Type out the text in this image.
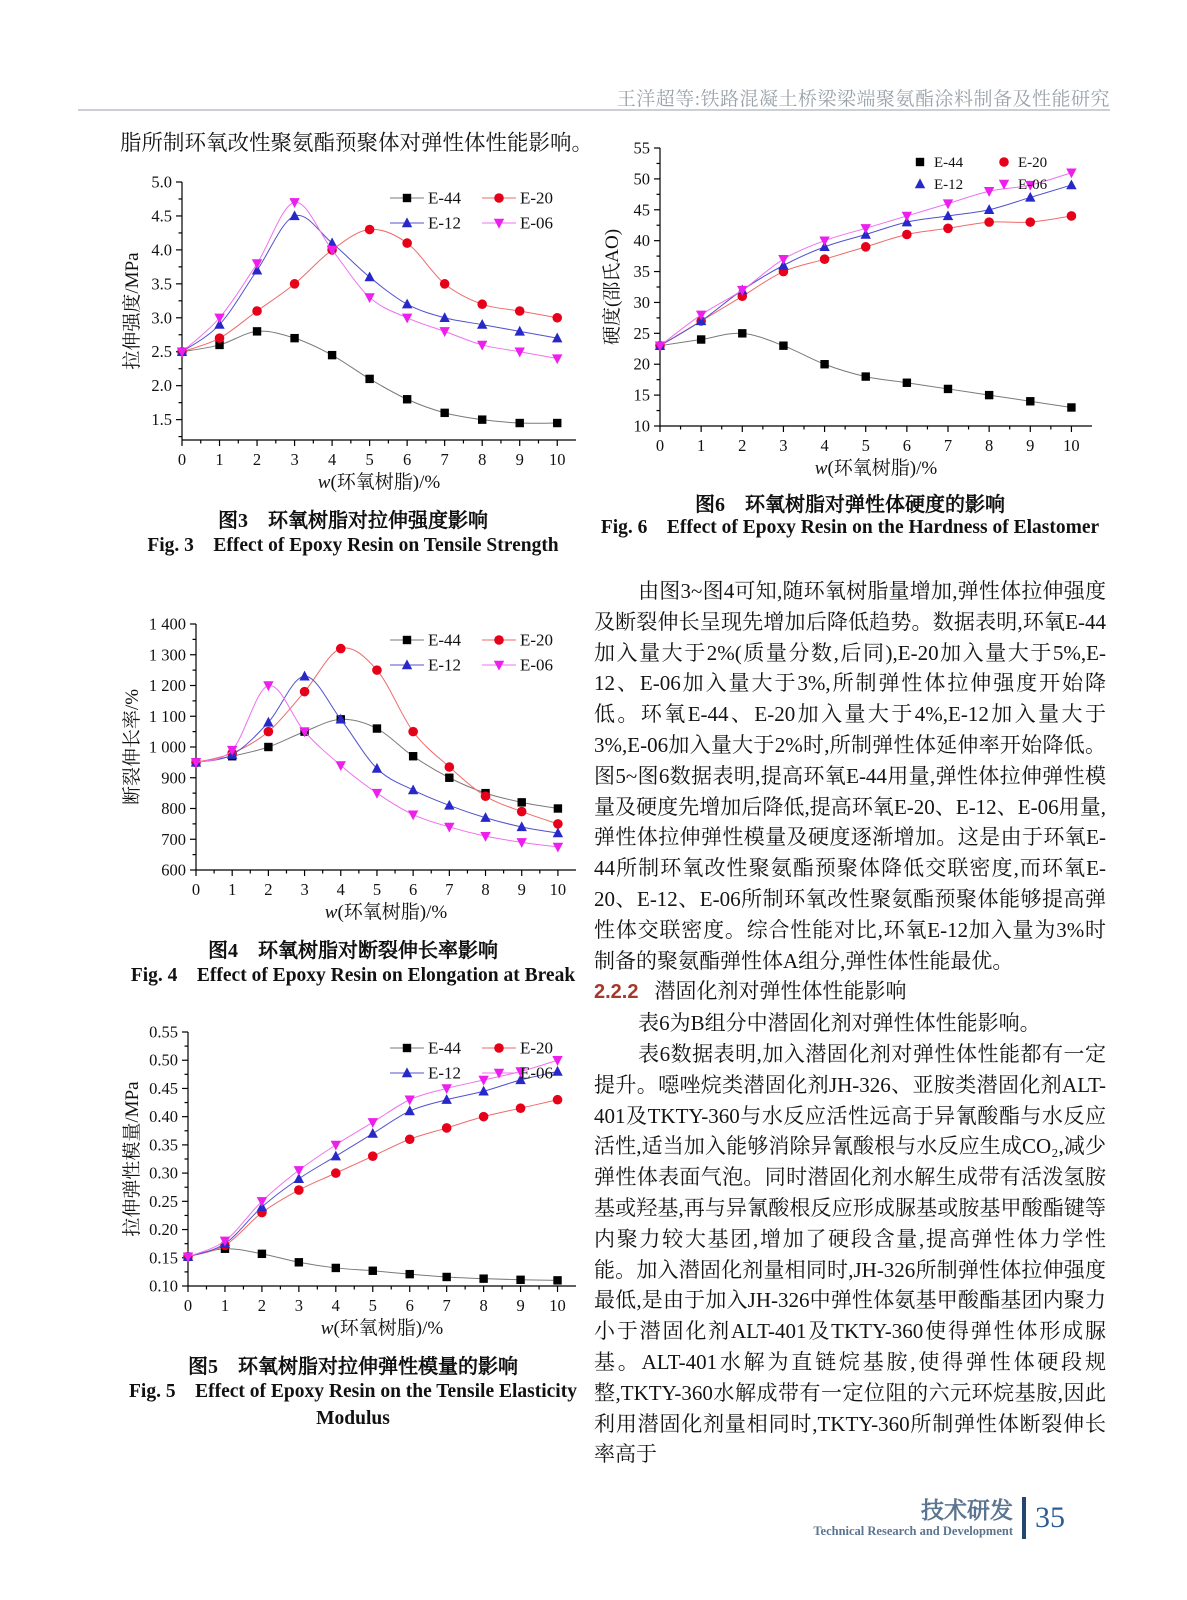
王洋超等:铁路混凝土桥梁梁端聚氨酯涂料制备及性能研究
脂所制环氧改性聚氨酯预聚体对弹性体性能影响。
1.5
2.0
2.5
3.0
3.5
4.0
4.5
5.0
0 1 2 3 4 5 6 7 8 9 10
w(环氧树脂)/%
拉伸强度/MPa
E-44	E-20
E-12	E-06
图3　环氧树脂对拉伸强度影响
Fig. 3　Effect of Epoxy Resin on Tensile Strength
600
700
800
900
1 000
1 100
1 200
1 300
1 400
0 1 2 3 4 5 6 7 8 9 10
w(环氧树脂)/%
断裂伸长率/%
E-44	E-20
E-12	E-06
图4　环氧树脂对断裂伸长率影响
Fig. 4　Effect of Epoxy Resin on Elongation at Break
0.10
0.15
0.20
0.25
0.30
0.35
0.40
0.45
0.50
0.55
0 1 2 3 4 5 6 7 8 9 10
w(环氧树脂)/%
拉伸弹性模量/MPa
E-44	E-20
E-12	E-06
图5　环氧树脂对拉伸弹性模量的影响
Fig. 5　Effect of Epoxy Resin on the Tensile Elasticity Modulus
10
15
20
25
30
35
40
45
50
55
0 1 2 3 4 5 6 7 8 9 10
w(环氧树脂)/%
硬度(邵氏AO)
E-44	E-20
E-12	E-06
图6　环氧树脂对弹性体硬度的影响
Fig. 6　Effect of Epoxy Resin on the Hardness of Elastomer

由图3~图4可知,随环氧树脂量增加,弹性体拉伸强度及断裂伸长呈现先增加后降低趋势。数据表明,环氧E-44加入量大于2%(质量分数,后同),E-20加入量大于5%,E-12、E-06加入量大于3%,所制弹性体拉伸强度开始降低。环氧E-44、E-20加入量大于4%,E-12加入量大于3%,E-06加入量大于2%时,所制弹性体延伸率开始降低。图5~图6数据表明,提高环氧E-44用量,弹性体拉伸弹性模量及硬度先增加后降低,提高环氧E-20、E-12、E-06用量,弹性体拉伸弹性模量及硬度逐渐增加。这是由于环氧E-44所制环氧改性聚氨酯预聚体降低交联密度,而环氧E-20、E-12、E-06所制环氧改性聚氨酯预聚体能够提高弹性体交联密度。综合性能对比,环氧E-12加入量为3%时制备的聚氨酯弹性体A组分,弹性体性能最优。

2.2.2 潜固化剂对弹性体性能影响

表6为B组分中潜固化剂对弹性体性能影响。

表6数据表明,加入潜固化剂对弹性体性能都有一定提升。噁唑烷类潜固化剂JH-326、亚胺类潜固化剂ALT-401及TKTY-360与水反应活性远高于异氰酸酯与水反应活性,适当加入能够消除异氰酸根与水反应生成CO₂,减少弹性体表面气泡。同时潜固化剂水解生成带有活泼氢胺基或羟基,再与异氰酸根反应形成脲基或胺基甲酸酯键等内聚力较大基团,增加了硬段含量,提高弹性体力学性能。加入潜固化剂量相同时,JH-326所制弹性体拉伸强度最低,是由于加入JH-326中弹性体氨基甲酸酯基团内聚力小于潜固化剂ALT-401及TKTY-360使得弹性体形成脲基。ALT-401水解为直链烷基胺,使得弹性体硬段规整,TKTY-360水解成带有一定位阻的六元环烷基胺,因此利用潜固化剂量相同时,TKTY-360所制弹性体断裂伸长率高于

技术研发
Technical Research and Development 35
